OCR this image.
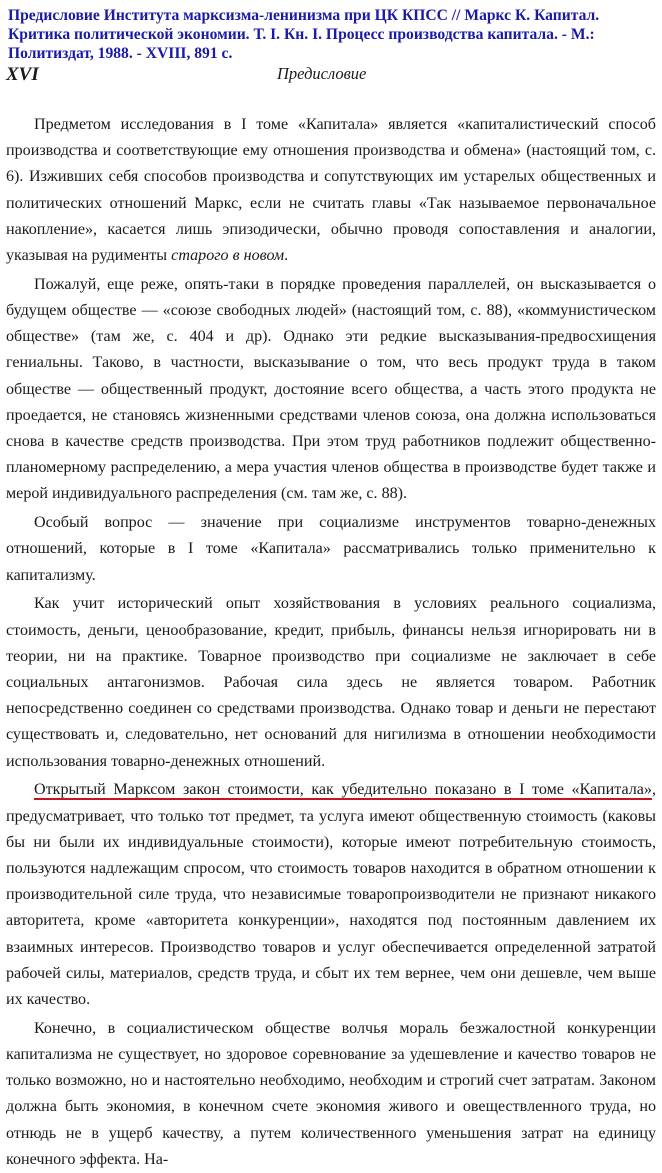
Предисловие Института марксизма-ленинизма при ЦК КПСС // Маркс К. Капитал. Критика политической экономии. Т. I. Кн. I. Процесс производства капитала. - М.: Политиздат, 1988. - XVIII, 891 с.
XVI	Предисловие

Предметом исследования в I томе «Капитала» является «капиталистический способ производства и соответствующие ему отношения производства и обмена» (настоящий том, с. 6). Изживших себя способов производства и сопутствующих им устарелых общественных и политических отношений Маркс, если не считать главы «Так называемое первоначальное накопление», касается лишь эпизодически, обычно проводя сопоставления и аналогии, указывая на рудименты старого в новом.

Пожалуй, еще реже, опять-таки в порядке проведения параллелей, он высказывается о будущем обществе — «союзе свободных людей» (настоящий том, с. 88), «коммунистическом обществе» (там же, с. 404 и др). Однако эти редкие высказывания-предвосхищения гениальны. Таково, в частности, высказывание о том, что весь продукт труда в таком обществе — общественный продукт, достояние всего общества, а часть этого продукта не проедается, не становясь жизненными средствами членов союза, она должна использоваться снова в качестве средств производства. При этом труд работников подлежит общественно-планомерному распределению, а мера участия членов общества в производстве будет также и мерой индивидуального распределения (см. там же, с. 88).

Особый вопрос — значение при социализме инструментов товарно-денежных отношений, которые в I томе «Капитала» рассматривались только применительно к капитализму.

Как учит исторический опыт хозяйствования в условиях реального социализма, стоимость, деньги, ценообразование, кредит, прибыль, финансы нельзя игнорировать ни в теории, ни на практике. Товарное производство при социализме не заключает в себе социальных антагонизмов. Рабочая сила здесь не является товаром. Работник непосредственно соединен со средствами производства. Однако товар и деньги не перестают существовать и, следовательно, нет оснований для нигилизма в отношении необходимости использования товарно-денежных отношений.

Открытый Марксом закон стоимости, как убедительно показано в I томе «Капитала», предусматривает, что только тот предмет, та услуга имеют общественную стоимость (каковы бы ни были их индивидуальные стоимости), которые имеют потребительную стоимость, пользуются надлежащим спросом, что стоимость товаров находится в обратном отношении к производительной силе труда, что независимые товаропроизводители не признают никакого авторитета, кроме «авторитета конкуренции», находятся под постоянным давлением их взаимных интересов. Производство товаров и услуг обеспечивается определенной затратой рабочей силы, материалов, средств труда, и сбыт их тем вернее, чем они дешевле, чем выше их качество.

Конечно, в социалистическом обществе волчья мораль безжалостной конкуренции капитализма не существует, но здоровое соревнование за удешевление и качество товаров не только возможно, но и настоятельно необходимо, необходим и строгий счет затратам. Законом должна быть экономия, в конечном счете экономия живого и овеществленного труда, но отнюдь не в ущерб качеству, а путем количественного уменьшения затрат на единицу конечного эффекта. На-
